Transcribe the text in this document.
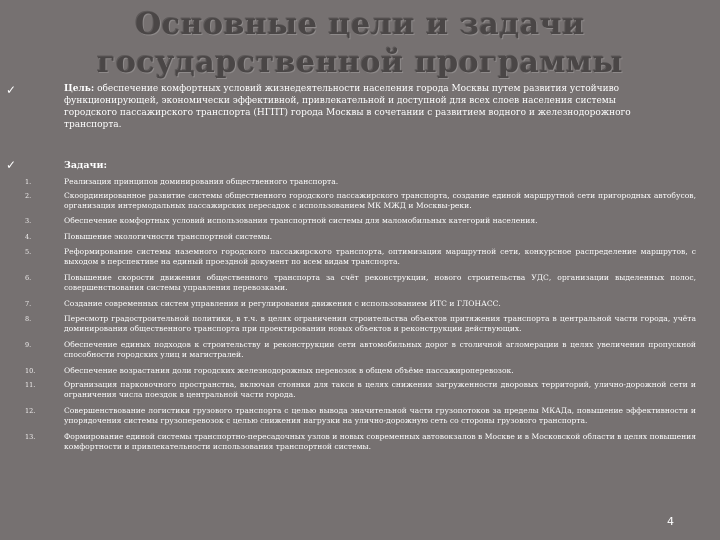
Основные цели и задачи
государственной программы
✓	Цель: обеспечение комфортных условий жизнедеятельности населения города Москвы путем развития устойчиво функционирующей, экономически эффективной, привлекательной и доступной для всех слоев населения системы городского пассажирского транспорта (НГПТ) города Москвы в сочетании с развитием водного и железнодорожного транспорта.
✓	Задачи:
1.	Реализация принципов доминирования общественного транспорта.
2.	Скоординированное развитие системы общественного городского пассажирского транспорта, создание единой маршрутной сети пригородных автобусов, организация интермодальных пассажирских пересадок с использованием МК МЖД и Москвы-реки.
3.	Обеспечение комфортных условий использования транспортной системы для маломобильных категорий населения.
4.	Повышение экологичности транспортной системы.
5.	Реформирование системы наземного городского пассажирского транспорта, оптимизация маршрутной сети, конкурсное распределение маршрутов, с выходом в перспективе на единый проездной документ по всем видам транспорта.
6.	Повышение скорости движения общественного транспорта за счёт реконструкции, нового строительства УДС, организации выделенных полос, совершенствования системы управления перевозками.
7.	Создание современных систем управления и регулирования движения с использованием ИТС и ГЛОНАСС.
8.	Пересмотр градостроительной политики, в т.ч. в целях ограничения строительства объектов притяжения транспорта в центральной части города, учёта доминирования общественного транспорта при проектировании новых объектов и реконструкции действующих.
9.	Обеспечение единых подходов к строительству и реконструкции сети автомобильных дорог в столичной агломерации в целях увеличения пропускной способности городских улиц и магистралей.
10.	Обеспечение возрастания доли городских железнодорожных перевозок в общем объёме пассажироперевозок.
11.	Организация парковочного пространства, включая стоянки для такси в целях снижения загруженности дворовых территорий, улично-дорожной сети и ограничения числа поездок в центральной части города.
12.	Совершенствование логистики грузового транспорта с целью вывода значительной части грузопотоков за пределы МКАДа, повышение эффективности и упорядочения системы грузоперевозок с целью снижения нагрузки на улично-дорожную сеть со стороны грузового транспорта.
13.	Формирование единой системы транспортно-пересадочных узлов и новых современных автовокзалов в Москве и в Московской области в целях повышения комфортности и привлекательности использования транспортной системы.
4
